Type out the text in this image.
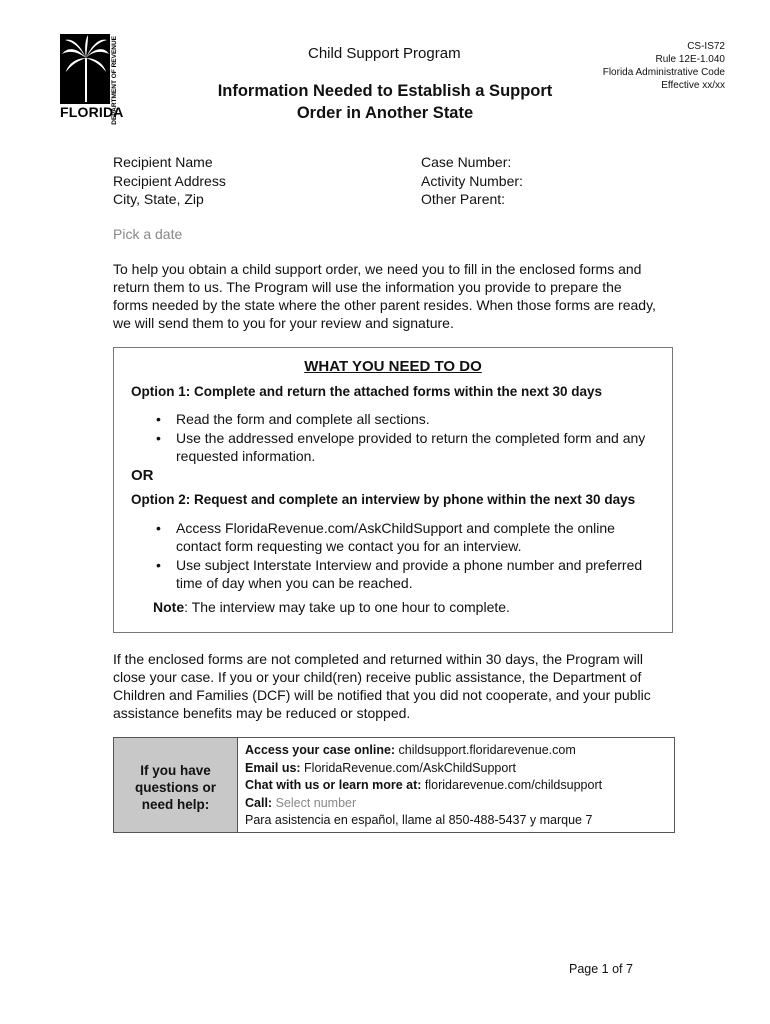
DEPARTMENT OF REVENUE
FLORIDA
Child Support Program
Information Needed to Establish a Support
Order in Another State
CS-IS72
Rule 12E-1.040
Florida Administrative Code
Effective xx/xx
Recipient Name
Recipient Address
City, State, Zip
Case Number:
Activity Number:
Other Parent:
Pick a date
To help you obtain a child support order, we need you to fill in the enclosed forms and return them to us. The Program will use the information you provide to prepare the forms needed by the state where the other parent resides. When those forms are ready, we will send them to you for your review and signature.
WHAT YOU NEED TO DO
Option 1: Complete and return the attached forms within the next 30 days
• Read the form and complete all sections.
• Use the addressed envelope provided to return the completed form and any requested information.
OR
Option 2: Request and complete an interview by phone within the next 30 days
• Access FloridaRevenue.com/AskChildSupport and complete the online contact form requesting we contact you for an interview.
• Use subject Interstate Interview and provide a phone number and preferred time of day when you can be reached.
Note: The interview may take up to one hour to complete.
If the enclosed forms are not completed and returned within 30 days, the Program will close your case. If you or your child(ren) receive public assistance, the Department of Children and Families (DCF) will be notified that you did not cooperate, and your public assistance benefits may be reduced or stopped.
If you have
questions or
need help:
Access your case online: childsupport.floridarevenue.com
Email us: FloridaRevenue.com/AskChildSupport
Chat with us or learn more at: floridarevenue.com/childsupport
Call: Select number
Para asistencia en español, llame al 850-488-5437 y marque 7
Page 1 of 7
